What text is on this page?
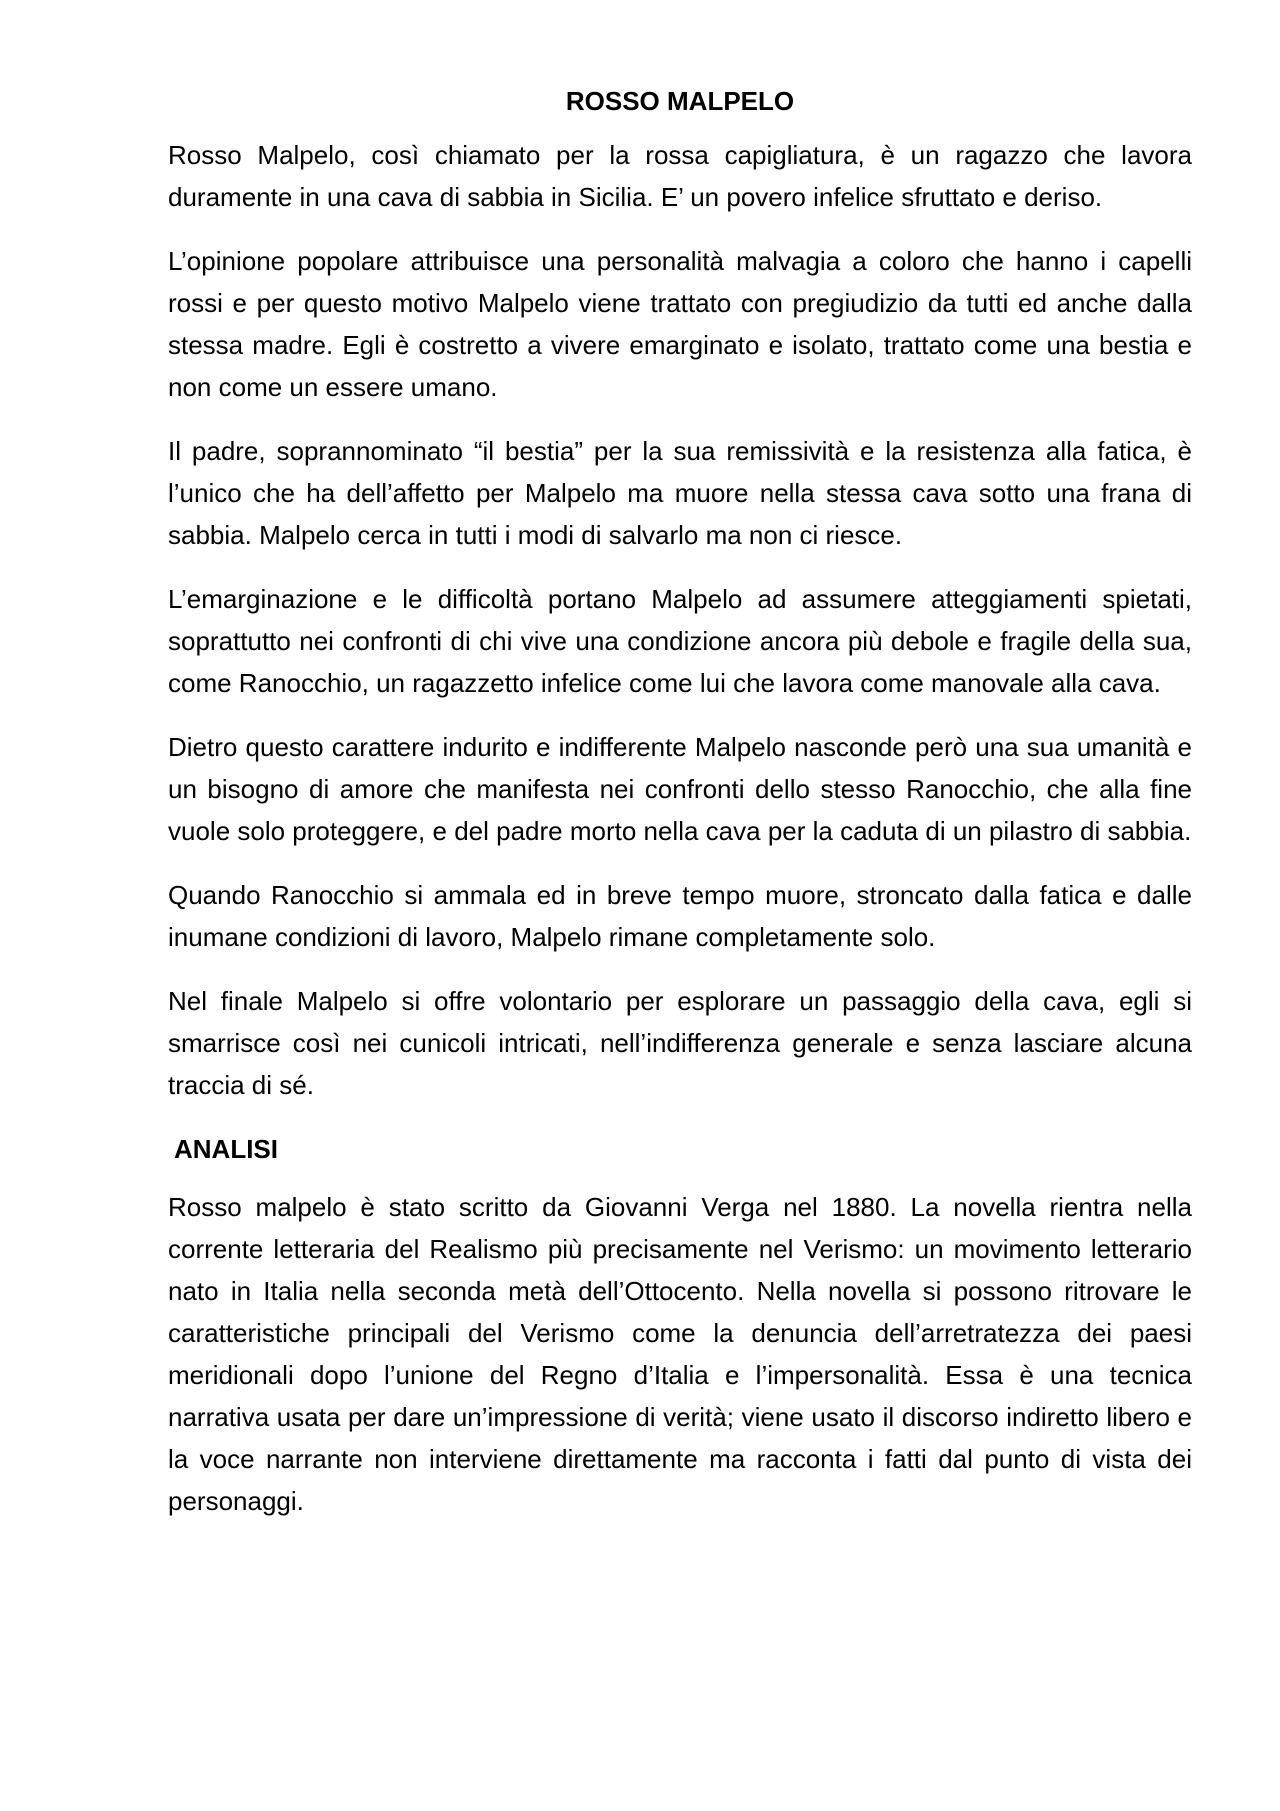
ROSSO MALPELO

Rosso Malpelo, così chiamato per la rossa capigliatura, è un ragazzo che lavora duramente in una cava di sabbia in Sicilia. E’ un povero infelice sfruttato e deriso.

L’opinione popolare attribuisce una personalità malvagia a coloro che hanno i capelli rossi e per questo motivo Malpelo viene trattato con pregiudizio da tutti ed anche dalla stessa madre. Egli è costretto a vivere emarginato e isolato, trattato come una bestia e non come un essere umano.

Il padre, soprannominato “il bestia” per la sua remissività e la resistenza alla fatica, è l’unico che ha dell’affetto per Malpelo ma muore nella stessa cava sotto una frana di sabbia. Malpelo cerca in tutti i modi di salvarlo ma non ci riesce.

L’emarginazione e le difficoltà portano Malpelo ad assumere atteggiamenti spietati, soprattutto nei confronti di chi vive una condizione ancora più debole e fragile della sua, come Ranocchio, un ragazzetto infelice come lui che lavora come manovale alla cava.

Dietro questo carattere indurito e indifferente Malpelo nasconde però una sua umanità e un bisogno di amore che manifesta nei confronti dello stesso Ranocchio, che alla fine vuole solo proteggere, e del padre morto nella cava per la caduta di un pilastro di sabbia.

Quando Ranocchio si ammala ed in breve tempo muore, stroncato dalla fatica e dalle inumane condizioni di lavoro, Malpelo rimane completamente solo.

Nel finale Malpelo si offre volontario per esplorare un passaggio della cava, egli si smarrisce così nei cunicoli intricati, nell’indifferenza generale e senza lasciare alcuna traccia di sé.

ANALISI

Rosso malpelo è stato scritto da Giovanni Verga nel 1880. La novella rientra nella corrente letteraria del Realismo più precisamente nel Verismo: un movimento letterario nato in Italia nella seconda metà dell’Ottocento. Nella novella si possono ritrovare le caratteristiche principali del Verismo come la denuncia dell’arretratezza dei paesi meridionali dopo l’unione del Regno d’Italia e l’impersonalità. Essa è una tecnica narrativa usata per dare un’impressione di verità; viene usato il discorso indiretto libero e la voce narrante non interviene direttamente ma racconta i fatti dal punto di vista dei personaggi.
